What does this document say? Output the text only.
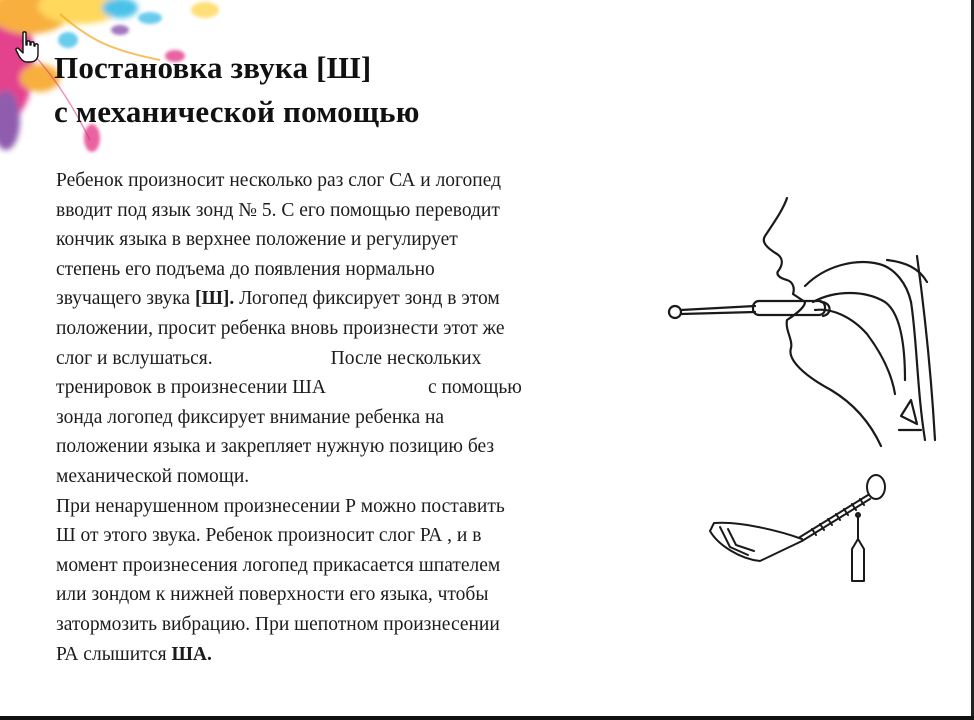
Постановка звука [Ш]
с механической помощью
Ребенок произносит несколько раз слог СА и логопед
вводит под язык зонд № 5. С его помощью переводит
кончик языка в верхнее положение и регулирует
степень его подъема до появления нормально
звучащего звука [Ш]. Логопед фиксирует зонд в этом
положении, просит ребенка вновь произнести этот же
слог и вслушаться.	После нескольких
тренировок в произнесении ШA	с помощью
зонда логопед фиксирует внимание ребенка на
положении языка и закрепляет нужную позицию без
механической помощи.
При ненарушенном произнесении Р можно поставить
Ш от этого звука. Ребенок произносит слог РА , и в
момент произнесения логопед прикасается шпателем
или зондом к нижней поверхности его языка, чтобы
затормозить вибрацию. При шепотном произнесении
РА слышится ША.
